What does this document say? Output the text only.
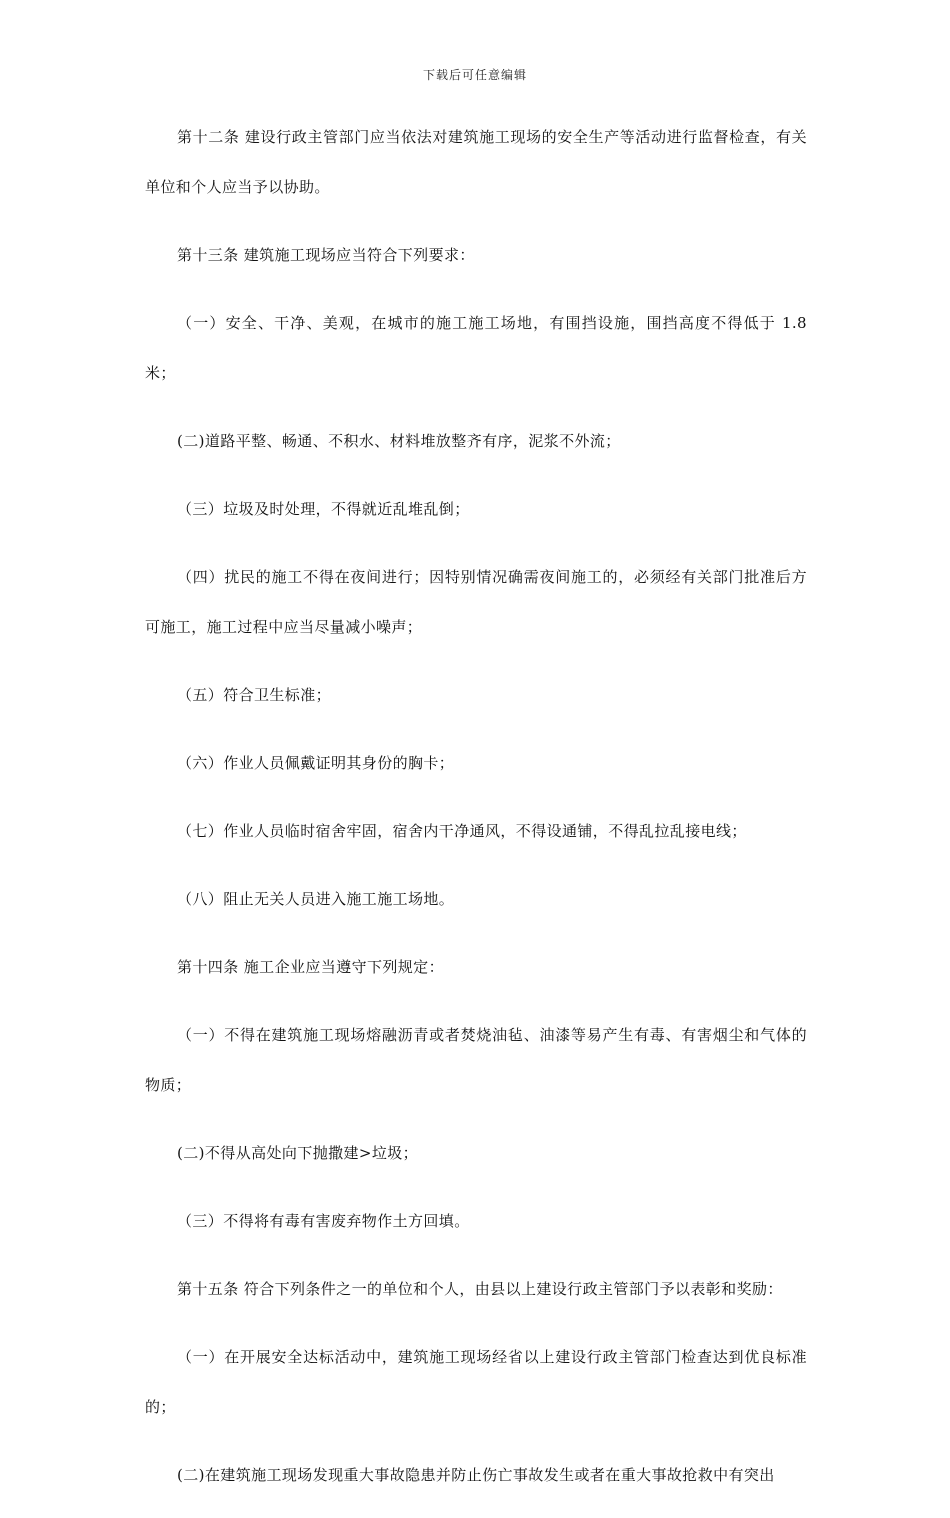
下载后可任意编辑

第十二条 建设行政主管部门应当依法对建筑施工现场的安全生产等活动进行监督检查，有关单位和个人应当予以协助。

第十三条 建筑施工现场应当符合下列要求：

（一）安全、干净、美观，在城市的施工施工场地，有围挡设施，围挡高度不得低于 1.8 米；

(二)道路平整、畅通、不积水、材料堆放整齐有序，泥浆不外流；

（三）垃圾及时处理，不得就近乱堆乱倒；

（四）扰民的施工不得在夜间进行；因特别情况确需夜间施工的，必须经有关部门批准后方可施工，施工过程中应当尽量减小噪声；

（五）符合卫生标准；

（六）作业人员佩戴证明其身份的胸卡；

（七）作业人员临时宿舍牢固，宿舍内干净通风，不得设通铺，不得乱拉乱接电线；

（八）阻止无关人员进入施工施工场地。

第十四条 施工企业应当遵守下列规定：

（一）不得在建筑施工现场熔融沥青或者焚烧油毡、油漆等易产生有毒、有害烟尘和气体的物质；

(二)不得从高处向下抛撒建>垃圾；

（三）不得将有毒有害废弃物作土方回填。

第十五条 符合下列条件之一的单位和个人，由县以上建设行政主管部门予以表彰和奖励：

（一）在开展安全达标活动中，建筑施工现场经省以上建设行政主管部门检查达到优良标准的；

(二)在建筑施工现场发现重大事故隐患并防止伤亡事故发生或者在重大事故抢救中有突出
